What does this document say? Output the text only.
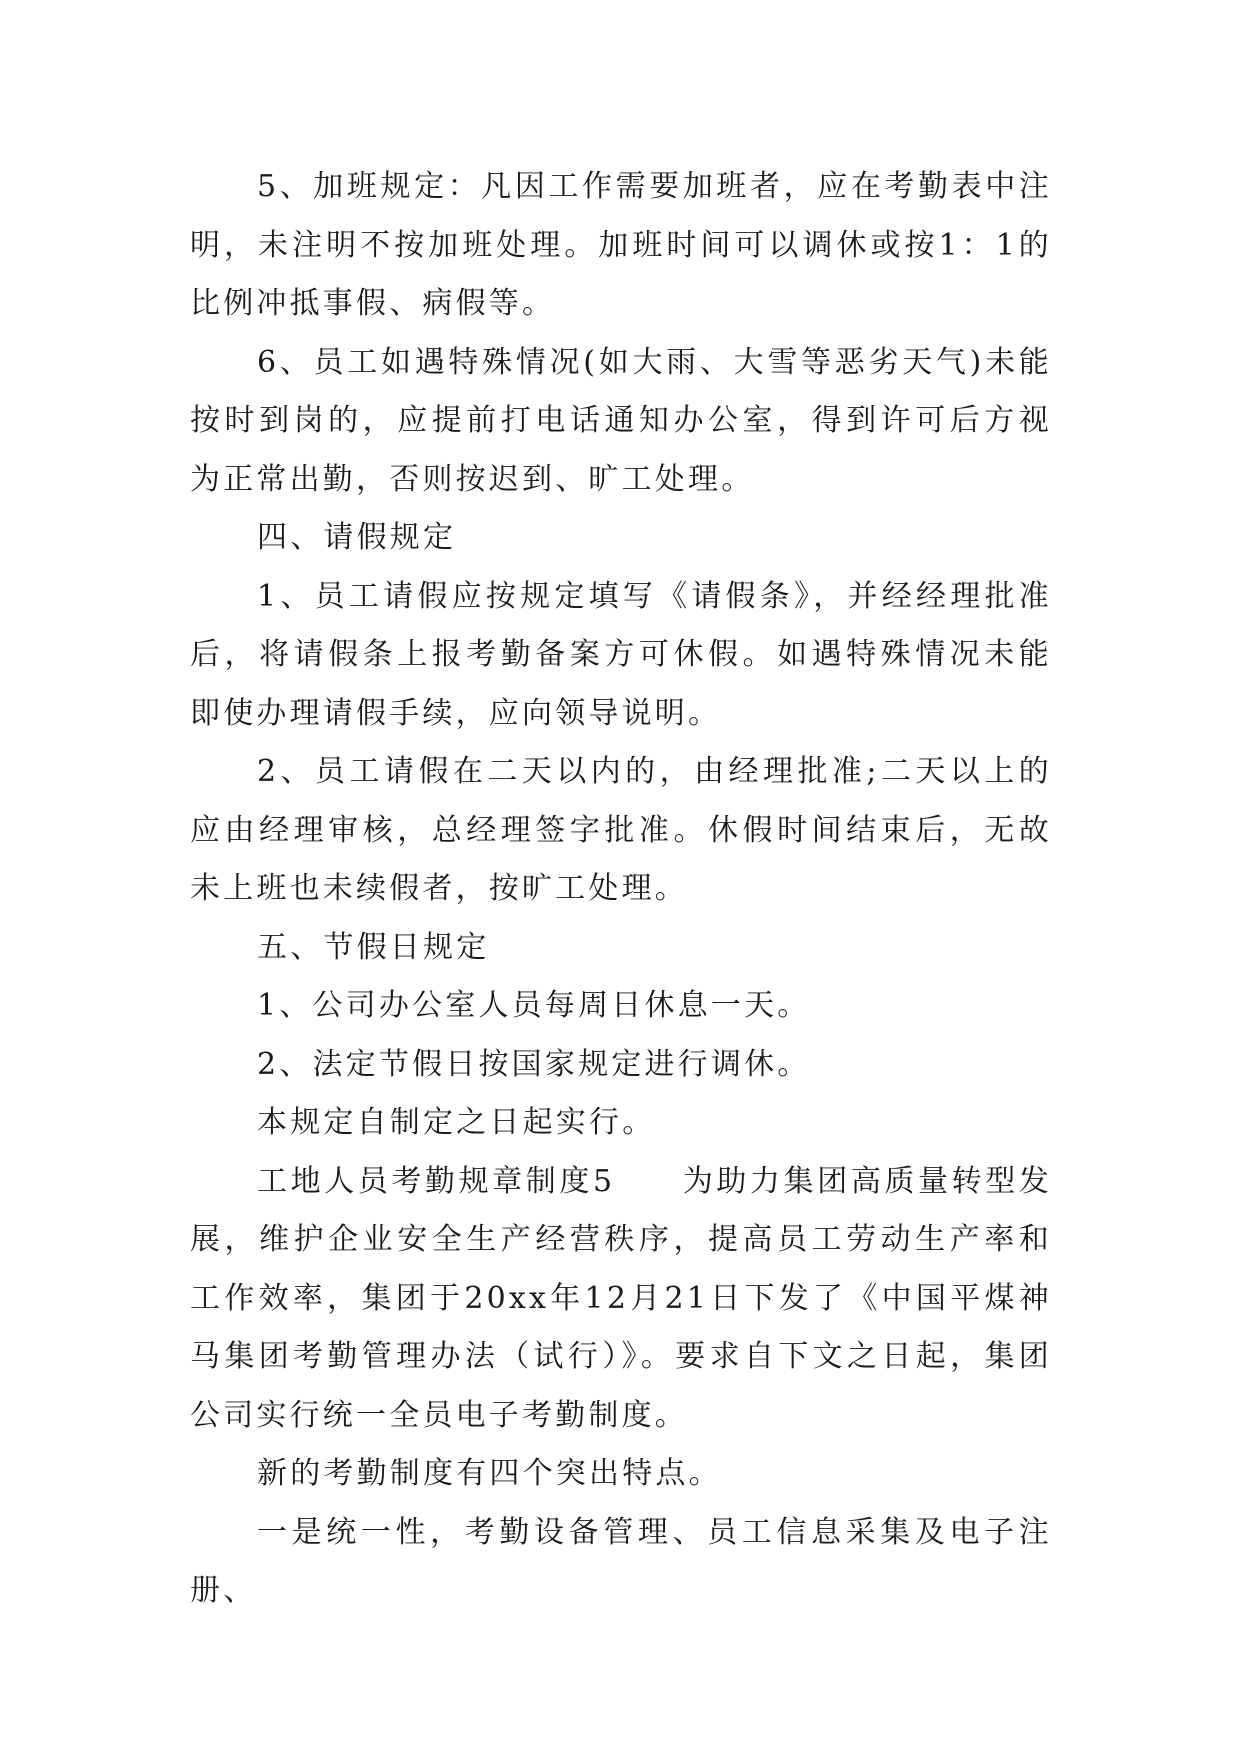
5、加班规定：凡因工作需要加班者，应在考勤表中注明，未注明不按加班处理。加班时间可以调休或按1：1的比例冲抵事假、病假等。

6、员工如遇特殊情况(如大雨、大雪等恶劣天气)未能按时到岗的，应提前打电话通知办公室，得到许可后方视为正常出勤，否则按迟到、旷工处理。

四、请假规定

1、员工请假应按规定填写《请假条》，并经经理批准后，将请假条上报考勤备案方可休假。如遇特殊情况未能即使办理请假手续，应向领导说明。

2、员工请假在二天以内的，由经理批准;二天以上的应由经理审核，总经理签字批准。休假时间结束后，无故未上班也未续假者，按旷工处理。

五、节假日规定

1、公司办公室人员每周日休息一天。

2、法定节假日按国家规定进行调休。

本规定自制定之日起实行。

工地人员考勤规章制度5　　为助力集团高质量转型发展，维护企业安全生产经营秩序，提高员工劳动生产率和工作效率，集团于20xx年12月21日下发了《中国平煤神马集团考勤管理办法（试行）》。要求自下文之日起，集团公司实行统一全员电子考勤制度。

新的考勤制度有四个突出特点。

一是统一性，考勤设备管理、员工信息采集及电子注册、
